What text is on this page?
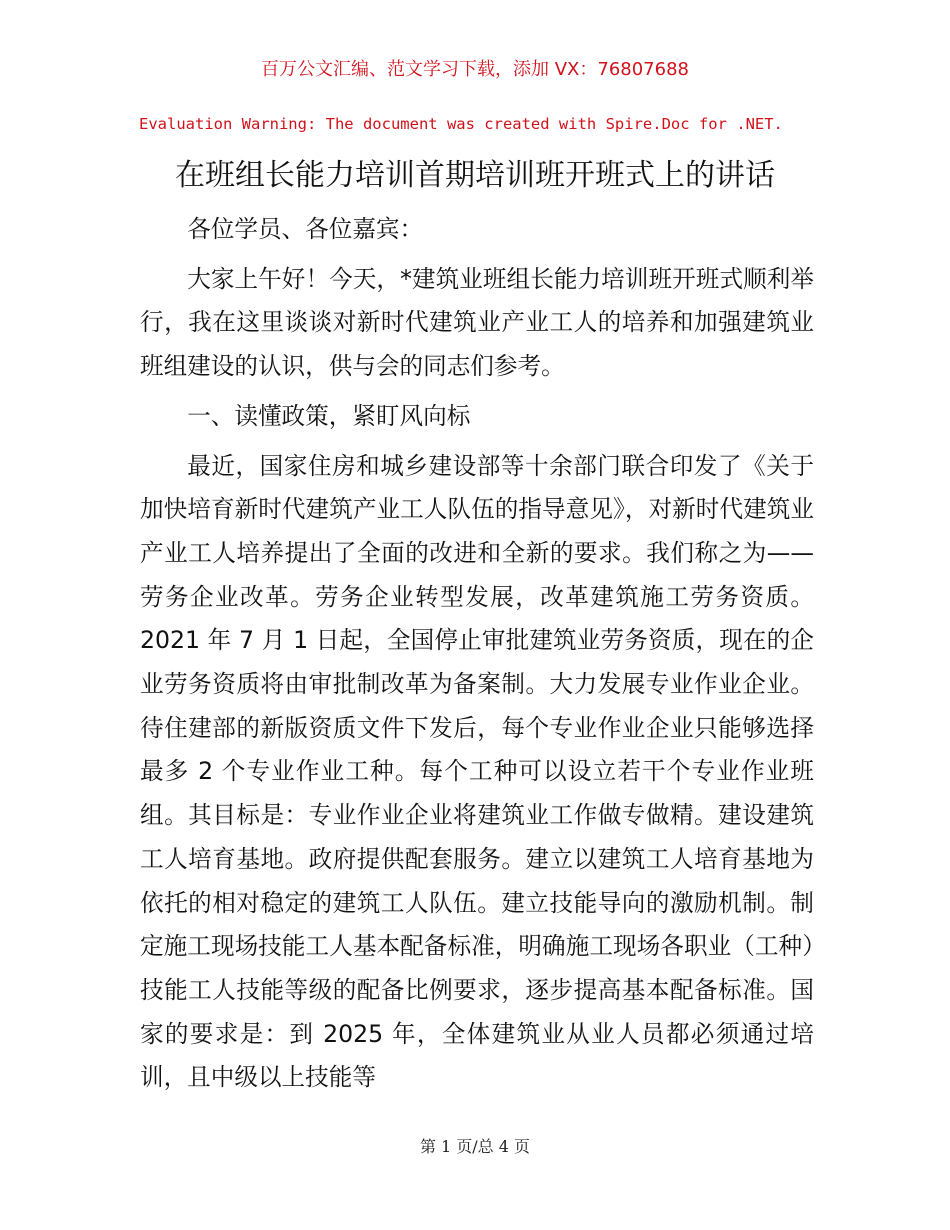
百万公文汇编、范文学习下载，添加 VX：76807688
Evaluation Warning: The document was created with Spire.Doc for .NET.
在班组长能力培训首期培训班开班式上的讲话

各位学员、各位嘉宾：

大家上午好！今天，*建筑业班组长能力培训班开班式顺利举行，我在这里谈谈对新时代建筑业产业工人的培养和加强建筑业班组建设的认识，供与会的同志们参考。

一、读懂政策，紧盯风向标

最近，国家住房和城乡建设部等十余部门联合印发了《关于加快培育新时代建筑产业工人队伍的指导意见》，对新时代建筑业产业工人培养提出了全面的改进和全新的要求。我们称之为——劳务企业改革。劳务企业转型发展，改革建筑施工劳务资质。2021 年 7 月 1 日起，全国停止审批建筑业劳务资质，现在的企业劳务资质将由审批制改革为备案制。大力发展专业作业企业。待住建部的新版资质文件下发后，每个专业作业企业只能够选择最多 2 个专业作业工种。每个工种可以设立若干个专业作业班组。其目标是：专业作业企业将建筑业工作做专做精。建设建筑工人培育基地。政府提供配套服务。建立以建筑工人培育基地为依托的相对稳定的建筑工人队伍。建立技能导向的激励机制。制定施工现场技能工人基本配备标准，明确施工现场各职业（工种）技能工人技能等级的配备比例要求，逐步提高基本配备标准。国家的要求是：到 2025 年，全体建筑业从业人员都必须通过培训，且中级以上技能等

第 1 页/总 4 页
